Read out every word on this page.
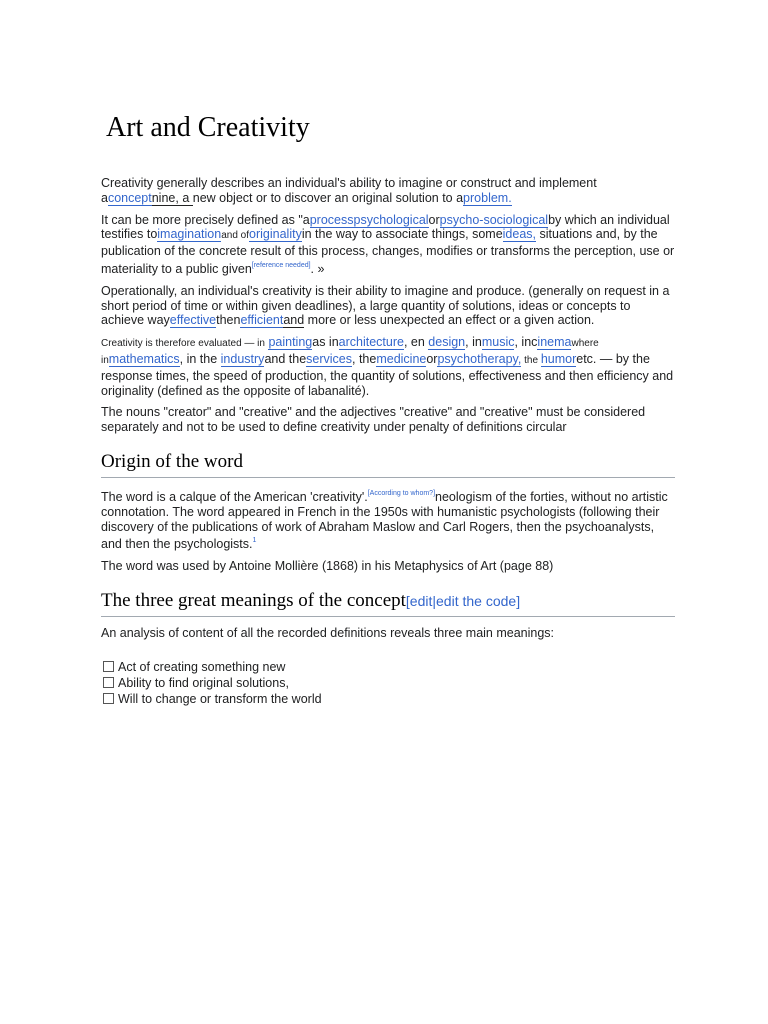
Art and Creativity

Creativity generally describes an individual's ability to imagine or construct and implement aconceptnine, a new object or to discover an original solution to aproblem.

It can be more precisely defined as "aprocesspsychologicalorpsycho-sociologicalby which an individual testifies toimaginationand oforiginalityin the way to associate things, someideas, situations and, by the publication of the concrete result of this process, changes, modifies or transforms the perception, use or materiality to a public given[reference needed]. »

Operationally, an individual's creativity is their ability to imagine and produce. (generally on request in a short period of time or within given deadlines), a large quantity of solutions, ideas or concepts to achieve wayeffectivethenefficientand more or less unexpected an effect or a given action.

Creativity is therefore evaluated — in paintingas inarchitecture, en design, inmusic, incinemawhere inmathematics, in the industryand theservices, themedicineorpsychotherapy, the humoretc. — by the response times, the speed of production, the quantity of solutions, effectiveness and then efficiency and originality (defined as the opposite of labanalité).

The nouns "creator" and "creative" and the adjectives "creative" and "creative" must be considered separately and not to be used to define creativity under penalty of definitions circular

Origin of the word

The word is a calque of the American 'creativity'.[According to whom?]neologism of the forties, without no artistic connotation. The word appeared in French in the 1950s with humanistic psychologists (following their discovery of the publications of work of Abraham Maslow and Carl Rogers, then the psychoanalysts, and then the psychologists.$^1$

The word was used by Antoine Mollière (1868) in his Metaphysics of Art (page 88)

The three great meanings of the concept[edit|edit the code]

An analysis of content of all the recorded definitions reveals three main meanings:

Act of creating something new
Ability to find original solutions,
Will to change or transform the world
